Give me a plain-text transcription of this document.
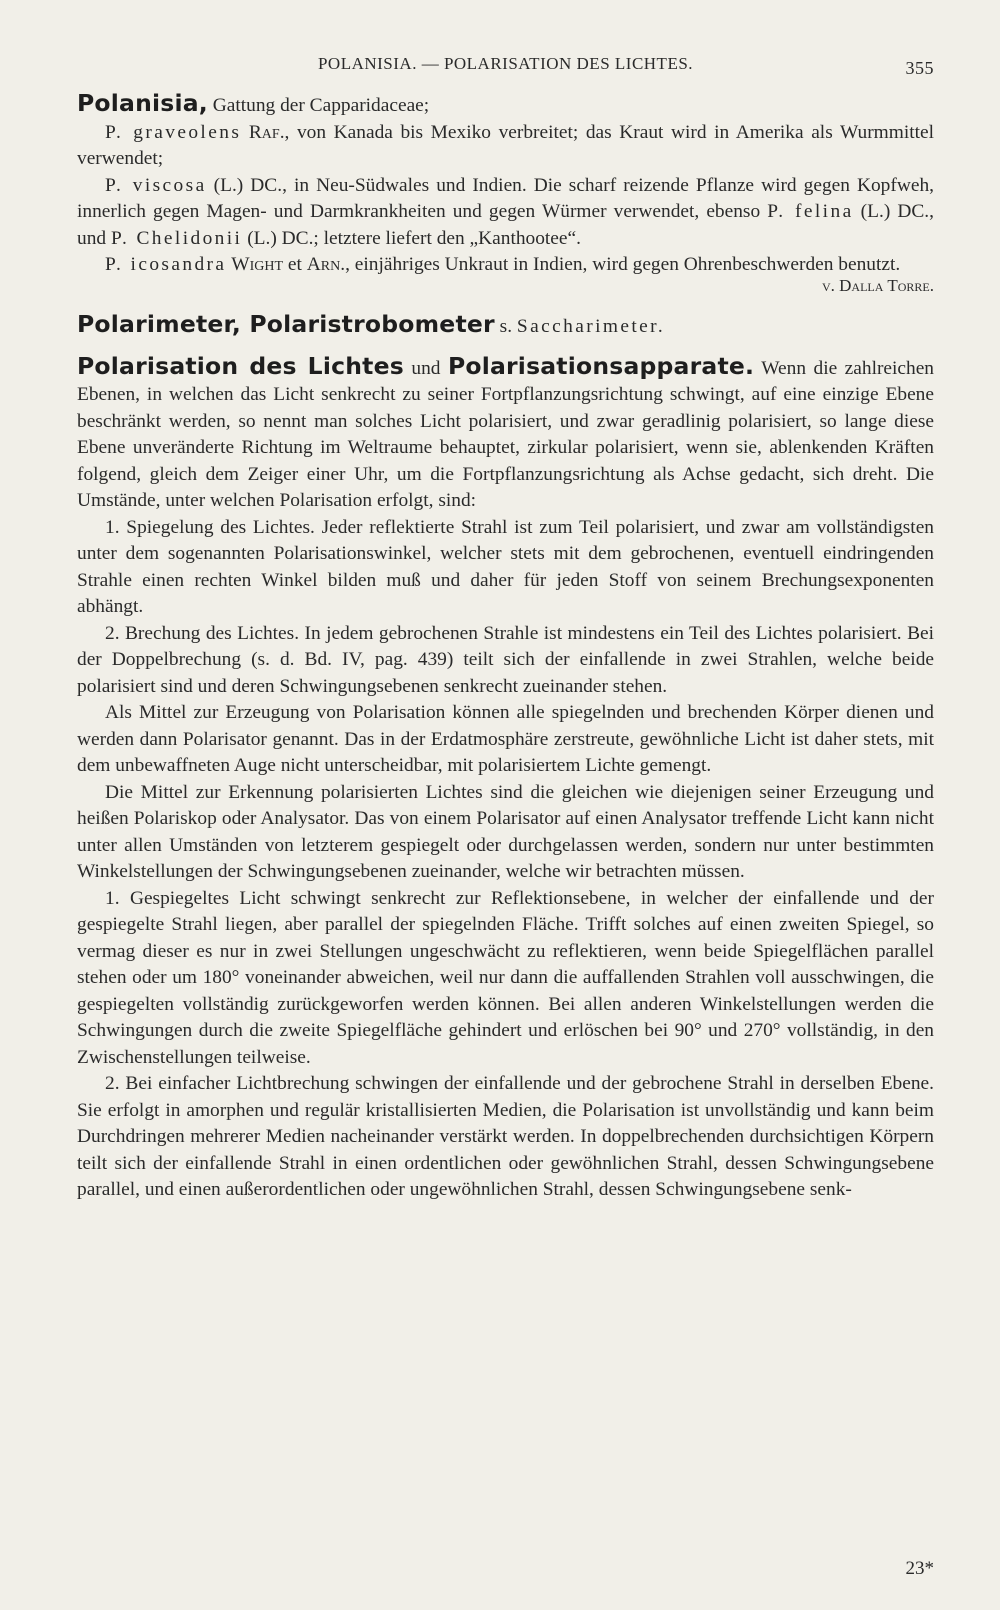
POLANISIA. — POLARISATION DES LICHTES.	355

Polanisia, Gattung der Capparidaceae;

P. graveolens Raf., von Kanada bis Mexiko verbreitet; das Kraut wird in Amerika als Wurmmittel verwendet;

P. viscosa (L.) DC., in Neu-Südwales und Indien. Die scharf reizende Pflanze wird gegen Kopfweh, innerlich gegen Magen- und Darmkrankheiten und gegen Würmer verwendet, ebenso P. felina (L.) DC., und P. Chelidonii (L.) DC.; letztere liefert den „Kanthootee“.

P. icosandra Wight et Arn., einjähriges Unkraut in Indien, wird gegen Ohrenbeschwerden benutzt.

v. Dalla Torre.

Polarimeter, Polaristrobometer s. Saccharimeter.

Polarisation des Lichtes und Polarisationsapparate. Wenn die zahlreichen Ebenen, in welchen das Licht senkrecht zu seiner Fortpflanzungsrichtung schwingt, auf eine einzige Ebene beschränkt werden, so nennt man solches Licht polarisiert, und zwar geradlinig polarisiert, so lange diese Ebene unveränderte Richtung im Weltraume behauptet, zirkular polarisiert, wenn sie, ablenkenden Kräften folgend, gleich dem Zeiger einer Uhr, um die Fortpflanzungsrichtung als Achse gedacht, sich dreht. Die Umstände, unter welchen Polarisation erfolgt, sind:

1. Spiegelung des Lichtes. Jeder reflektierte Strahl ist zum Teil polarisiert, und zwar am vollständigsten unter dem sogenannten Polarisationswinkel, welcher stets mit dem gebrochenen, eventuell eindringenden Strahle einen rechten Winkel bilden muß und daher für jeden Stoff von seinem Brechungsexponenten abhängt.

2. Brechung des Lichtes. In jedem gebrochenen Strahle ist mindestens ein Teil des Lichtes polarisiert. Bei der Doppelbrechung (s. d. Bd. IV, pag. 439) teilt sich der einfallende in zwei Strahlen, welche beide polarisiert sind und deren Schwingungsebenen senkrecht zueinander stehen.

Als Mittel zur Erzeugung von Polarisation können alle spiegelnden und brechenden Körper dienen und werden dann Polarisator genannt. Das in der Erdatmosphäre zerstreute, gewöhnliche Licht ist daher stets, mit dem unbewaffneten Auge nicht unterscheidbar, mit polarisiertem Lichte gemengt.

Die Mittel zur Erkennung polarisierten Lichtes sind die gleichen wie diejenigen seiner Erzeugung und heißen Polariskop oder Analysator. Das von einem Polarisator auf einen Analysator treffende Licht kann nicht unter allen Umständen von letzterem gespiegelt oder durchgelassen werden, sondern nur unter bestimmten Winkelstellungen der Schwingungsebenen zueinander, welche wir betrachten müssen.

1. Gespiegeltes Licht schwingt senkrecht zur Reflektionsebene, in welcher der einfallende und der gespiegelte Strahl liegen, aber parallel der spiegelnden Fläche. Trifft solches auf einen zweiten Spiegel, so vermag dieser es nur in zwei Stellungen ungeschwächt zu reflektieren, wenn beide Spiegelflächen parallel stehen oder um 180° voneinander abweichen, weil nur dann die auffallenden Strahlen voll ausschwingen, die gespiegelten vollständig zurückgeworfen werden können. Bei allen anderen Winkelstellungen werden die Schwingungen durch die zweite Spiegelfläche gehindert und erlöschen bei 90° und 270° vollständig, in den Zwischenstellungen teilweise.

2. Bei einfacher Lichtbrechung schwingen der einfallende und der gebrochene Strahl in derselben Ebene. Sie erfolgt in amorphen und regulär kristallisierten Medien, die Polarisation ist unvollständig und kann beim Durchdringen mehrerer Medien nacheinander verstärkt werden. In doppelbrechenden durchsichtigen Körpern teilt sich der einfallende Strahl in einen ordentlichen oder gewöhnlichen Strahl, dessen Schwingungsebene parallel, und einen außerordentlichen oder ungewöhnlichen Strahl, dessen Schwingungsebene senk-

23*
